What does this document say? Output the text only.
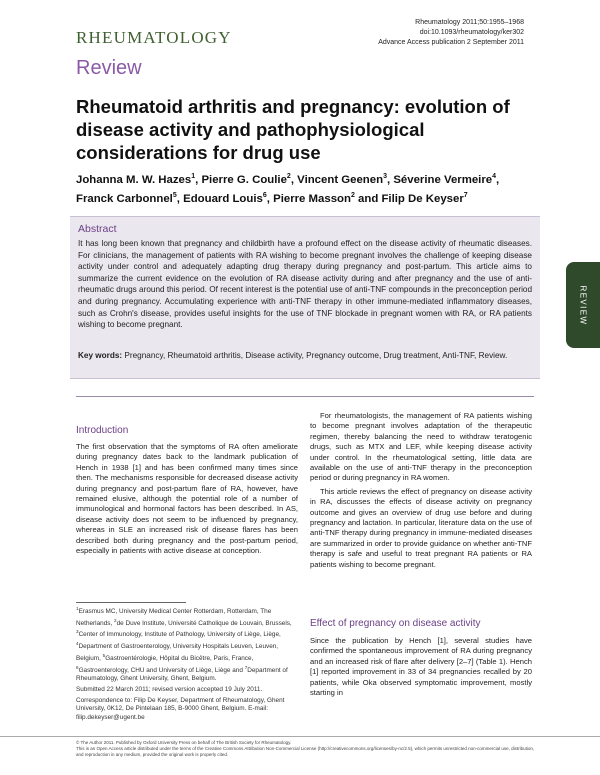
RHEUMATOLOGY
Rheumatology 2011;50:1955–1968
doi:10.1093/rheumatology/ker302
Advance Access publication 2 September 2011
Review
Rheumatoid arthritis and pregnancy: evolution of disease activity and pathophysiological considerations for drug use
Johanna M. W. Hazes$^1$, Pierre G. Coulie$^2$, Vincent Geenen$^3$, Séverine Vermeire$^4$,
Franck Carbonnel$^5$, Edouard Louis$^6$, Pierre Masson$^2$ and Filip De Keyser$^7$
Abstract
It has long been known that pregnancy and childbirth have a profound effect on the disease activity of rheumatic diseases. For clinicians, the management of patients with RA wishing to become pregnant involves the challenge of keeping disease activity under control and adequately adapting drug therapy during pregnancy and post-partum. This article aims to summarize the current evidence on the evolution of RA disease activity during and after pregnancy and the use of anti-rheumatic drugs around this period. Of recent interest is the potential use of anti-TNF compounds in the preconception period and during pregnancy. Accumulating experience with anti-TNF therapy in other immune-mediated inflammatory diseases, such as Crohn's disease, provides useful insights for the use of TNF blockade in pregnant women with RA, or RA patients wishing to become pregnant.
Key words: Pregnancy, Rheumatoid arthritis, Disease activity, Pregnancy outcome, Drug treatment, Anti-TNF, Review.
REVIEW
Introduction

The first observation that the symptoms of RA often ameliorate during pregnancy dates back to the landmark publication of Hench in 1938 [1] and has been confirmed many times since then. The mechanisms responsible for decreased disease activity during pregnancy and post-partum flare of RA, however, have remained elusive, although the potential role of a number of immunological and hormonal factors has been described. In AS, disease activity does not seem to be influenced by pregnancy, whereas in SLE an increased risk of disease flares has been described both during pregnancy and the post-partum period, especially in patients with active disease at conception.

$^1$Erasmus MC, University Medical Center Rotterdam, Rotterdam, The Netherlands, $^2$de Duve Institute, Université Catholique de Louvain, Brussels, $^3$Center of Immunology, Institute of Pathology, University of Liège, Liège, $^4$Department of Gastroenterology, University Hospitals Leuven, Leuven, Belgium, $^5$Gastroentérologie, Hôpital du Bicêtre, Paris, France, $^6$Gastroenterology, CHU and University of Liège, Liège and $^7$Department of Rheumatology, Ghent University, Ghent, Belgium.

Submitted 22 March 2011; revised version accepted 19 July 2011.

Correspondence to: Filip De Keyser, Department of Rheumatology, Ghent University, 0K12, De Pintelaan 185, B-9000 Ghent, Belgium. E-mail: filip.dekeyser@ugent.be

For rheumatologists, the management of RA patients wishing to become pregnant involves adaptation of the therapeutic regimen, thereby balancing the need to withdraw teratogenic drugs, such as MTX and LEF, while keeping disease activity under control. In the rheumatological setting, little data are available on the use of anti-TNF therapy in the preconception period or during pregnancy in RA women.

This article reviews the effect of pregnancy on disease activity in RA, discusses the effects of disease activity on pregnancy outcome and gives an overview of drug use before and during pregnancy and lactation. In particular, literature data on the use of anti-TNF therapy during pregnancy in immune-mediated diseases are summarized in order to provide guidance on whether anti-TNF therapy is safe and useful to treat pregnant RA patients or RA patients wishing to become pregnant.

Effect of pregnancy on disease activity

Since the publication by Hench [1], several studies have confirmed the spontaneous improvement of RA during pregnancy and an increased risk of flare after delivery [2–7] (Table 1). Hench [1] reported improvement in 33 of 34 pregnancies recalled by 20 patients, while Oka observed symptomatic improvement, mostly starting in

© The Author 2011. Published by Oxford University Press on behalf of The British Society for Rheumatology.
This is an Open Access article distributed under the terms of the Creative Commons Attribution Non-Commercial License (http://creativecommons.org/licenses/by-nc/2.5), which permits unrestricted non-commercial use, distribution, and reproduction in any medium, provided the original work is properly cited.
